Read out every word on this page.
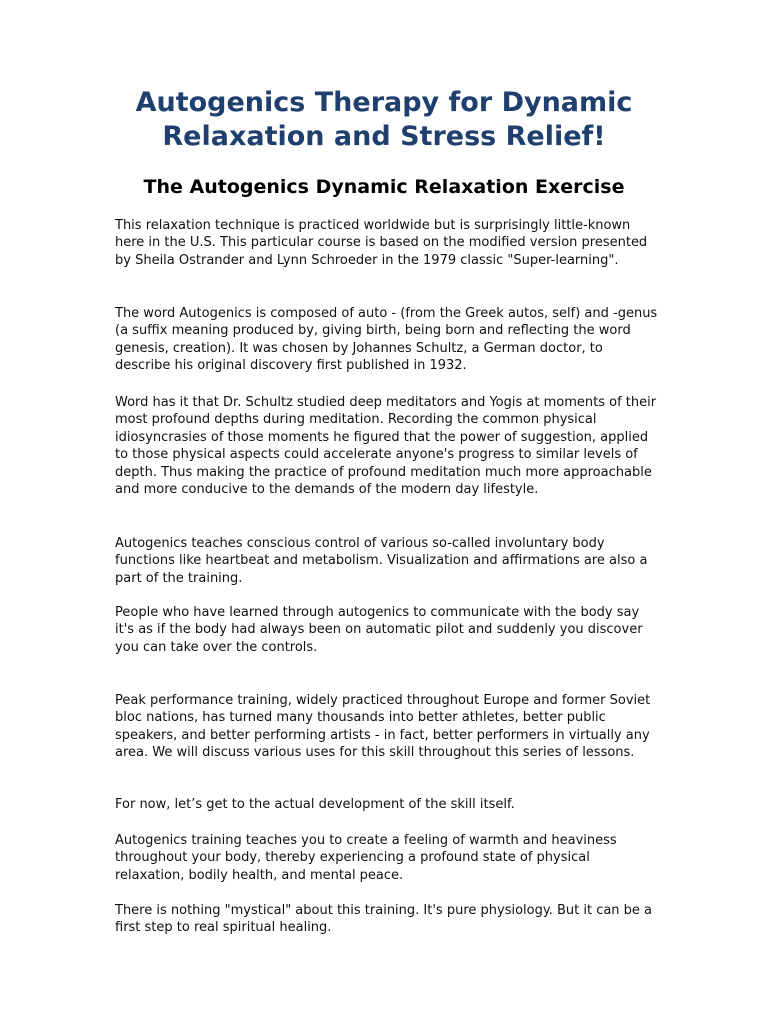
Autogenics Therapy for Dynamic Relaxation and Stress Relief!
The Autogenics Dynamic Relaxation Exercise

This relaxation technique is practiced worldwide but is surprisingly little-known here in the U.S. This particular course is based on the modified version presented by Sheila Ostrander and Lynn Schroeder in the 1979 classic "Super-learning".

The word Autogenics is composed of auto - (from the Greek autos, self) and -genus (a suffix meaning produced by, giving birth, being born and reflecting the word genesis, creation). It was chosen by Johannes Schultz, a German doctor, to describe his original discovery first published in 1932.

Word has it that Dr. Schultz studied deep meditators and Yogis at moments of their most profound depths during meditation. Recording the common physical idiosyncrasies of those moments he figured that the power of suggestion, applied to those physical aspects could accelerate anyone's progress to similar levels of depth. Thus making the practice of profound meditation much more approachable and more conducive to the demands of the modern day lifestyle.

Autogenics teaches conscious control of various so-called involuntary body functions like heartbeat and metabolism. Visualization and affirmations are also a part of the training.

People who have learned through autogenics to communicate with the body say it's as if the body had always been on automatic pilot and suddenly you discover you can take over the controls.

Peak performance training, widely practiced throughout Europe and former Soviet bloc nations, has turned many thousands into better athletes, better public speakers, and better performing artists - in fact, better performers in virtually any area. We will discuss various uses for this skill throughout this series of lessons.

For now, let’s get to the actual development of the skill itself.

Autogenics training teaches you to create a feeling of warmth and heaviness throughout your body, thereby experiencing a profound state of physical relaxation, bodily health, and mental peace.

There is nothing "mystical" about this training. It's pure physiology. But it can be a first step to real spiritual healing.
